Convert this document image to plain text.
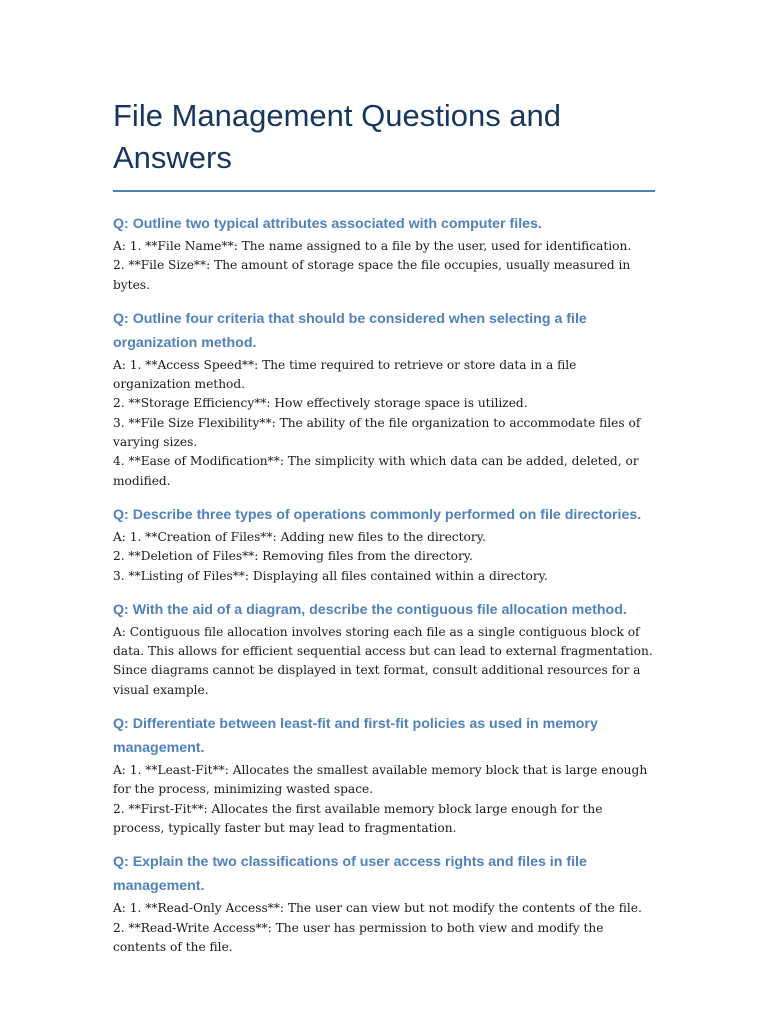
File Management Questions and Answers

Q: Outline two typical attributes associated with computer files.

A: 1. **File Name**: The name assigned to a file by the user, used for identification.

2. **File Size**: The amount of storage space the file occupies, usually measured in bytes.

Q: Outline four criteria that should be considered when selecting a file organization method.

A: 1. **Access Speed**: The time required to retrieve or store data in a file organization method.

2. **Storage Efficiency**: How effectively storage space is utilized.

3. **File Size Flexibility**: The ability of the file organization to accommodate files of varying sizes.

4. **Ease of Modification**: The simplicity with which data can be added, deleted, or modified.

Q: Describe three types of operations commonly performed on file directories.

A: 1. **Creation of Files**: Adding new files to the directory.

2. **Deletion of Files**: Removing files from the directory.

3. **Listing of Files**: Displaying all files contained within a directory.

Q: With the aid of a diagram, describe the contiguous file allocation method.

A: Contiguous file allocation involves storing each file as a single contiguous block of data. This allows for efficient sequential access but can lead to external fragmentation.

Since diagrams cannot be displayed in text format, consult additional resources for a visual example.

Q: Differentiate between least-fit and first-fit policies as used in memory management.

A: 1. **Least-Fit**: Allocates the smallest available memory block that is large enough for the process, minimizing wasted space.

2. **First-Fit**: Allocates the first available memory block large enough for the process, typically faster but may lead to fragmentation.

Q: Explain the two classifications of user access rights and files in file management.

A: 1. **Read-Only Access**: The user can view but not modify the contents of the file.

2. **Read-Write Access**: The user has permission to both view and modify the contents of the file.
